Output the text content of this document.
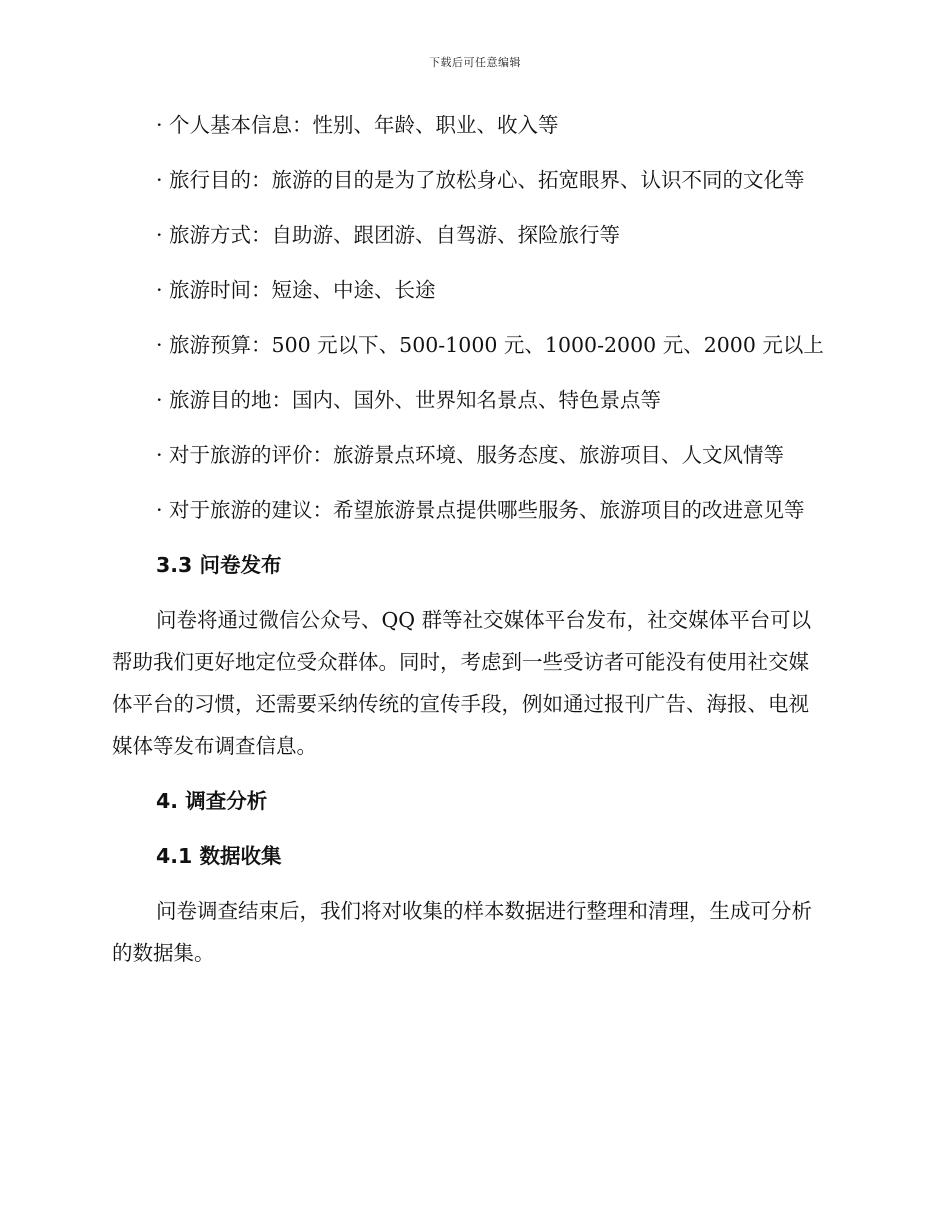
下载后可任意编辑
· 个人基本信息：性别、年龄、职业、收入等
· 旅行目的：旅游的目的是为了放松身心、拓宽眼界、认识不同的文化等
· 旅游方式：自助游、跟团游、自驾游、探险旅行等
· 旅游时间：短途、中途、长途
· 旅游预算：500 元以下、500-1000 元、1000-2000 元、2000 元以上
· 旅游目的地：国内、国外、世界知名景点、特色景点等
· 对于旅游的评价：旅游景点环境、服务态度、旅游项目、人文风情等
· 对于旅游的建议：希望旅游景点提供哪些服务、旅游项目的改进意见等
3.3 问卷发布
问卷将通过微信公众号、QQ 群等社交媒体平台发布，社交媒体平台可以帮助我们更好地定位受众群体。同时，考虑到一些受访者可能没有使用社交媒体平台的习惯，还需要采纳传统的宣传手段，例如通过报刊广告、海报、电视媒体等发布调查信息。
4. 调查分析
4.1 数据收集
问卷调查结束后，我们将对收集的样本数据进行整理和清理，生成可分析的数据集。
